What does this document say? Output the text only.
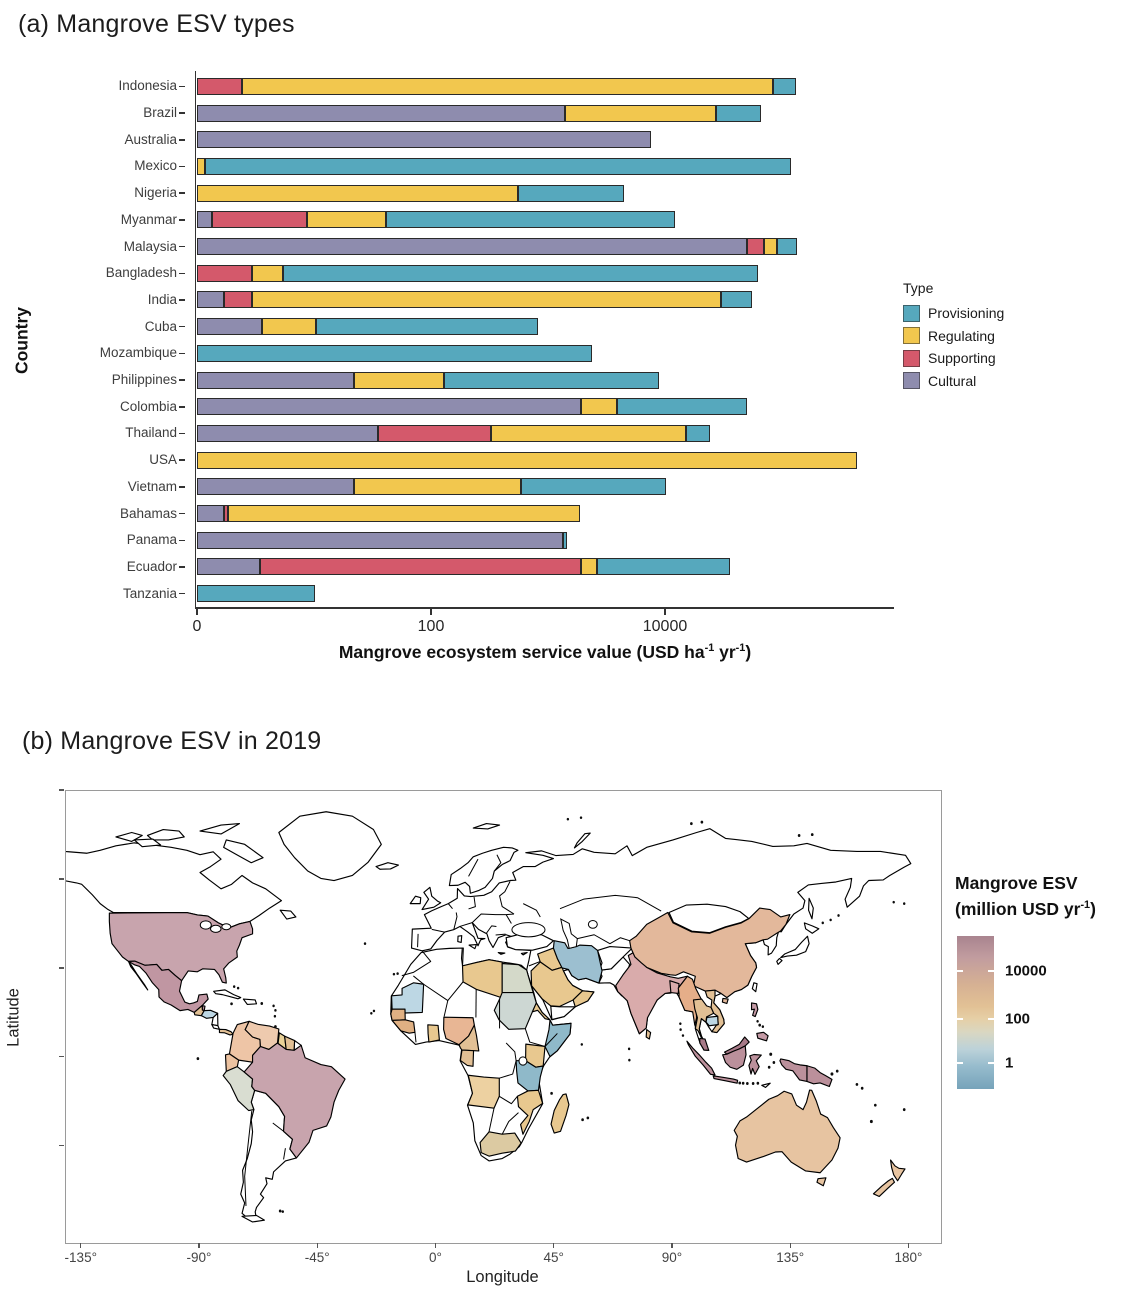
(a) Mangrove ESV types
Country
Indonesia
Brazil
Australia
Mexico
Nigeria
Myanmar
Malaysia
Bangladesh
India
Cuba
Mozambique
Philippines
Colombia
Thailand
USA
Vietnam
Bahamas
Panama
Ecuador
Tanzania
0	100	10000
Mangrove ecosystem service value (USD $ha^{-1}$ $yr^{-1}$)
Type
Provisioning
Regulating
Supporting
Cultural
(b) Mangrove ESV in 2019
Latitude
Longitude
-135°	-90°	-45°	0°	45°	90°	135°	180°
Mangrove ESV
(million USD $yr^{-1}$)
10000
100
1
